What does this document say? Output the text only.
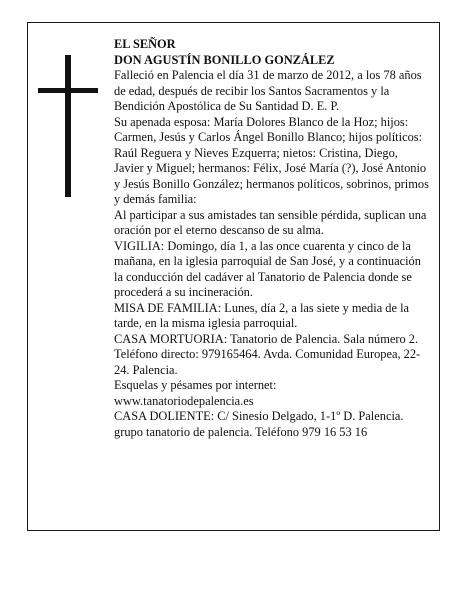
EL SEÑOR

DON AGUSTÍN BONILLO GONZÁLEZ

Falleció en Palencia el día 31 de marzo de 2012, a los 78 años de edad, después de recibir los Santos Sacramentos y la Bendición Apostólica de Su Santidad D. E. P.

Su apenada esposa: María Dolores Blanco de la Hoz; hijos: Carmen, Jesús y Carlos Ángel Bonillo Blanco; hijos políticos: Raúl Reguera y Nieves Ezquerra; nietos: Cristina, Diego, Javier y Miguel; hermanos: Félix, José María (?), José Antonio y Jesús Bonillo González; hermanos políticos, sobrinos, primos y demás familia:

Al participar a sus amistades tan sensible pérdida, suplican una oración por el eterno descanso de su alma.

VIGILIA: Domingo, día 1, a las once cuarenta y cinco de la mañana, en la iglesia parroquial de San José, y a continuación la conducción del cadáver al Tanatorio de Palencia donde se procederá a su incineración.

MISA DE FAMILIA: Lunes, día 2, a las siete y media de la tarde, en la misma iglesia parroquial.

CASA MORTUORIA: Tanatorio de Palencia. Sala número 2. Teléfono directo: 979165464. Avda. Comunidad Europea, 22-24. Palencia.

Esquelas y pésames por internet:

www.tanatoriodepalencia.es

CASA DOLIENTE: C/ Sinesio Delgado, 1-1º D. Palencia.

grupo tanatorio de palencia. Teléfono 979 16 53 16
